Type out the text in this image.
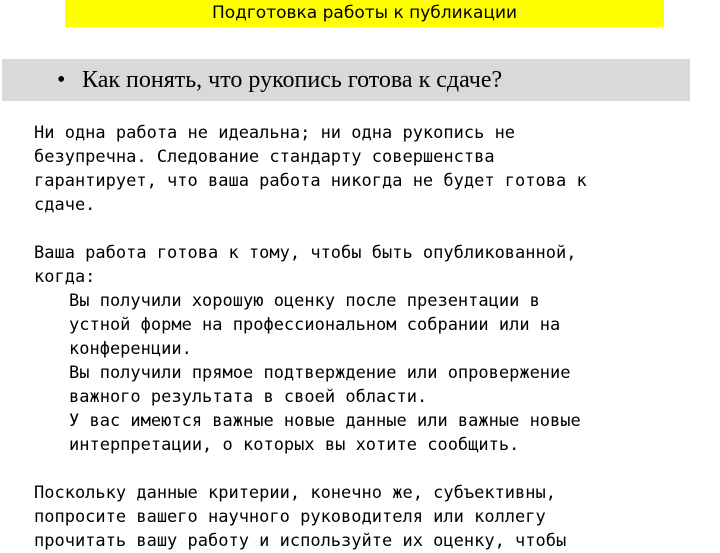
Подготовка работы к публикации
• Как понять, что рукопись готова к сдаче?

Ни одна работа не идеальна; ни одна рукопись не
безупречна. Следование стандарту совершенства
гарантирует, что ваша работа никогда не будет готова к
сдаче.

Ваша работа готова к тому, чтобы быть опубликованной,
когда:

Вы получили хорошую оценку после презентации в
устной форме на профессиональном собрании или на
конференции.
Вы получили прямое подтверждение или опровержение
важного результата в своей области.
У вас имеются важные новые данные или важные новые
интерпретации, о которых вы хотите сообщить.

Поскольку данные критерии, конечно же, субъективны,
попросите вашего научного руководителя или коллегу
прочитать вашу работу и используйте их оценку, чтобы
